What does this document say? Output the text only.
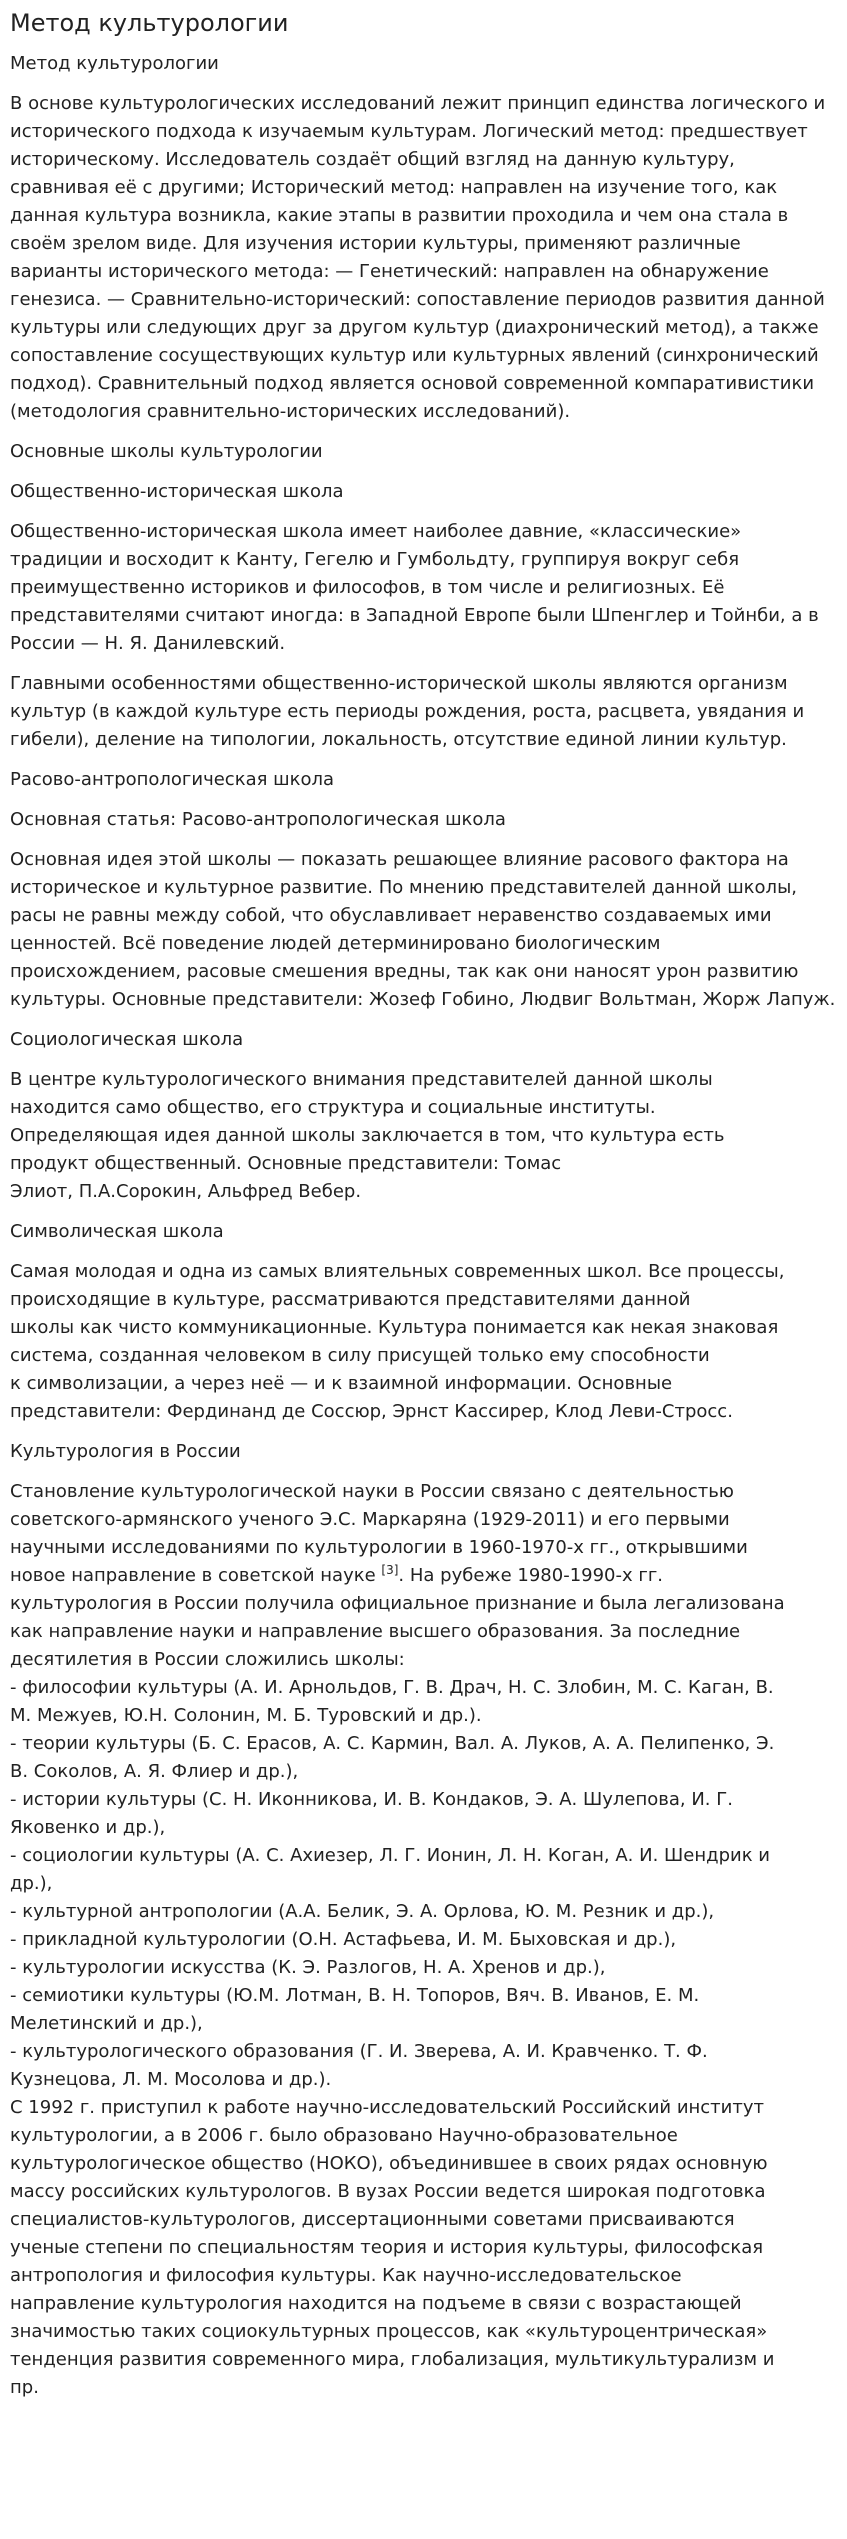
Метод культурологии
Метод культурологии

В основе культурологических исследований лежит принцип единства логического и исторического подхода к изучаемым культурам. Логический метод: предшествует историческому. Исследователь создаёт общий взгляд на данную культуру, сравнивая её с другими; Исторический метод: направлен на изучение того, как данная культура возникла, какие этапы в развитии проходила и чем она стала в своём зрелом виде. Для изучения истории культуры, применяют различные варианты исторического метода: — Генетический: направлен на обнаружение генезиса. — Сравнительно-исторический: сопоставление периодов развития данной культуры или следующих друг за другом культур (диахронический метод), а также сопоставление сосуществующих культур или культурных явлений (синхронический подход). Сравнительный подход является основой современной компаративистики (методология сравнительно-исторических исследований).

Основные школы культурологии
Общественно-историческая школа

Общественно-историческая школа имеет наиболее давние, «классические» традиции и восходит к Канту, Гегелю и Гумбольдту, группируя вокруг себя преимущественно историков и философов, в том числе и религиозных. Её представителями считают иногда: в Западной Европе были Шпенглер и Тойнби, а в России — Н. Я. Данилевский.

Главными особенностями общественно-исторической школы являются организм культур (в каждой культуре есть периоды рождения, роста, расцвета, увядания и гибели), деление на типологии, локальность, отсутствие единой линии культур.

Расово-антропологическая школа
Основная статья: Расово-антропологическая школа

Основная идея этой школы — показать решающее влияние расового фактора на историческое и культурное развитие. По мнению представителей данной школы, расы не равны между собой, что обуславливает неравенство создаваемых ими ценностей. Всё поведение людей детерминировано биологическим происхождением, расовые смешения вредны, так как они наносят урон развитию культуры. Основные представители: Жозеф Гобино, Людвиг Вольтман, Жорж Лапуж.

Социологическая школа

В центре культурологического внимания представителей данной школы
находится само общество, его структура и социальные институты.
Определяющая идея данной школы заключается в том, что культура есть
продукт общественный. Основные представители: Томас
Элиот, П.А.Сорокин, Альфред Вебер.

Символическая школа

Самая молодая и одна из самых влиятельных современных школ. Все процессы,
происходящие в культуре, рассматриваются представителями данной
школы как чисто коммуникационные. Культура понимается как некая знаковая
система, созданная человеком в силу присущей только ему способности
к символизации, а через неё — и к взаимной информации. Основные
представители: Фердинанд де Соссюр, Эрнст Кассирер, Клод Леви-Стросс.

Культурология в России
Становление культурологической науки в России связано с деятельностью
советского-армянского ученого Э.С. Маркаряна (1929-2011) и его первыми
научными исследованиями по культурологии в 1960-1970-х гг., открывшими
новое направление в советской науке [3]. На рубеже 1980-1990-х гг.
культурология в России получила официальное признание и была легализована
как направление науки и направление высшего образования. За последние
десятилетия в России сложились школы:
- философии культуры (А. И. Арнольдов, Г. В. Драч, Н. С. Злобин, М. С. Каган, В.
М. Межуев, Ю.Н. Солонин, М. Б. Туровский и др.).
- теории культуры (Б. С. Ерасов, А. С. Кармин, Вал. А. Луков, А. А. Пелипенко, Э.
В. Соколов, А. Я. Флиер и др.),
- истории культуры (С. Н. Иконникова, И. В. Кондаков, Э. А. Шулепова, И. Г.
Яковенко и др.),
- социологии культуры (А. С. Ахиезер, Л. Г. Ионин, Л. Н. Коган, А. И. Шендрик и
др.),
- культурной антропологии (А.А. Белик, Э. А. Орлова, Ю. М. Резник и др.),
- прикладной культурологии (О.Н. Астафьева, И. М. Быховская и др.),
- культурологии искусства (К. Э. Разлогов, Н. А. Хренов и др.),
- семиотики культуры (Ю.М. Лотман, В. Н. Топоров, Вяч. В. Иванов, Е. М.
Мелетинский и др.),
- культурологического образования (Г. И. Зверева, А. И. Кравченко. Т. Ф.
Кузнецова, Л. М. Мосолова и др.).
С 1992 г. приступил к работе научно-исследовательский Российский институт
культурологии, а в 2006 г. было образовано Научно-образовательное
культурологическое общество (НОКО), объединившее в своих рядах основную
массу российских культурологов. В вузах России ведется широкая подготовка
специалистов-культурологов, диссертационными советами присваиваются
ученые степени по специальностям теория и история культуры, философская
антропология и философия культуры. Как научно-исследовательское
направление культурология находится на подъеме в связи с возрастающей
значимостью таких социокультурных процессов, как «культуроцентрическая»
тенденция развития современного мира, глобализация, мультикультурализм и
пр.
